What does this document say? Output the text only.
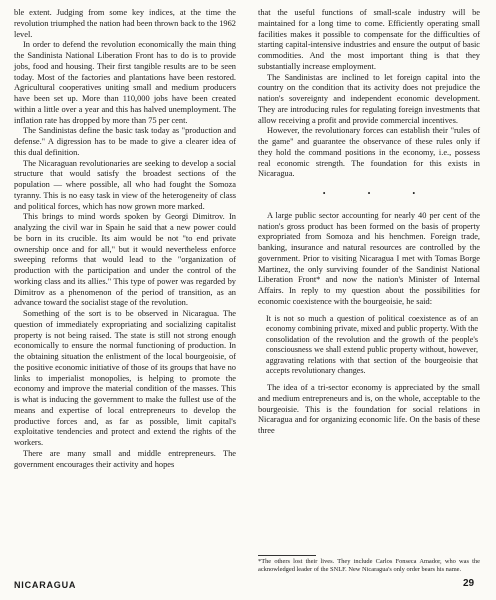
ble extent. Judging from some key indices, at the time the revolution triumphed the nation had been thrown back to the 1962 level.

In order to defend the revolution economically the main thing the Sandinista National Liberation Front has to do is to provide jobs, food and housing. Their first tangible results are to be seen today. Most of the factories and plantations have been restored. Agricultural cooperatives uniting small and medium producers have been set up. More than 110,000 jobs have been created within a little over a year and this has halved unemployment. The inflation rate has dropped by more than 75 per cent.

The Sandinistas define the basic task today as "production and defense." A digression has to be made to give a clearer idea of this dual definition.

The Nicaraguan revolutionaries are seeking to develop a social structure that would satisfy the broadest sections of the population — where possible, all who had fought the Somoza tyranny. This is no easy task in view of the heterogeneity of class and political forces, which has now grown more marked.

This brings to mind words spoken by Georgi Dimitrov. In analyzing the civil war in Spain he said that a new power could be born in its crucible. Its aim would be not "to end private ownership once and for all," but it would nevertheless enforce sweeping reforms that would lead to the "organization of production with the participation and under the control of the working class and its allies." This type of power was regarded by Dimitrov as a phenomenon of the period of transition, as an advance toward the socialist stage of the revolution.

Something of the sort is to be observed in Nicaragua. The question of immediately expropriating and socializing capitalist property is not being raised. The state is still not strong enough economically to ensure the normal functioning of production. In the obtaining situation the enlistment of the local bourgeoisie, of the positive economic initiative of those of its groups that have no links to imperialist monopolies, is helping to promote the economy and improve the material condition of the masses. This is what is inducing the government to make the fullest use of the means and expertise of local entrepreneurs to develop the productive forces and, as far as possible, limit capital's exploitative tendencies and protect and extend the rights of the workers.

There are many small and middle entrepreneurs. The government encourages their activity and hopes

that the useful functions of small-scale industry will be maintained for a long time to come. Efficiently operating small facilities makes it possible to compensate for the difficulties of starting capital-intensive industries and ensure the output of basic commodities. And the most important thing is that they substantially increase employment.

The Sandinistas are inclined to let foreign capital into the country on the condition that its activity does not prejudice the nation's sovereignty and independent economic development. They are introducing rules for regulating foreign investments that allow receiving a profit and provide commercial incentives.

However, the revolutionary forces can establish their "rules of the game" and guarantee the observance of these rules only if they hold the command positions in the economy, i.e., possess real economic strength. The foundation for this exists in Nicaragua.

• • •

A large public sector accounting for nearly 40 per cent of the nation's gross product has been formed on the basis of property expropriated from Somoza and his henchmen. Foreign trade, banking, insurance and natural resources are controlled by the government. Prior to visiting Nicaragua I met with Tomas Borge Martinez, the only surviving founder of the Sandinist National Liberation Front* and now the nation's Minister of Internal Affairs. In reply to my question about the possibilities for economic coexistence with the bourgeoisie, he said:

It is not so much a question of political coexistence as of an economy combining private, mixed and public property. With the consolidation of the revolution and the growth of the people's consciousness we shall extend public property without, however, aggravating relations with that section of the bourgeoisie that accepts revolutionary changes.

The idea of a tri-sector economy is appreciated by the small and medium entrepreneurs and is, on the whole, acceptable to the bourgeoisie. This is the foundation for social relations in Nicaragua and for organizing economic life. On the basis of these three

*The others lost their lives. They include Carlos Fonseca Amador, who was the acknowledged leader of the SNLF. New Nicaragua's only order bears his name.
NICARAGUA	29
